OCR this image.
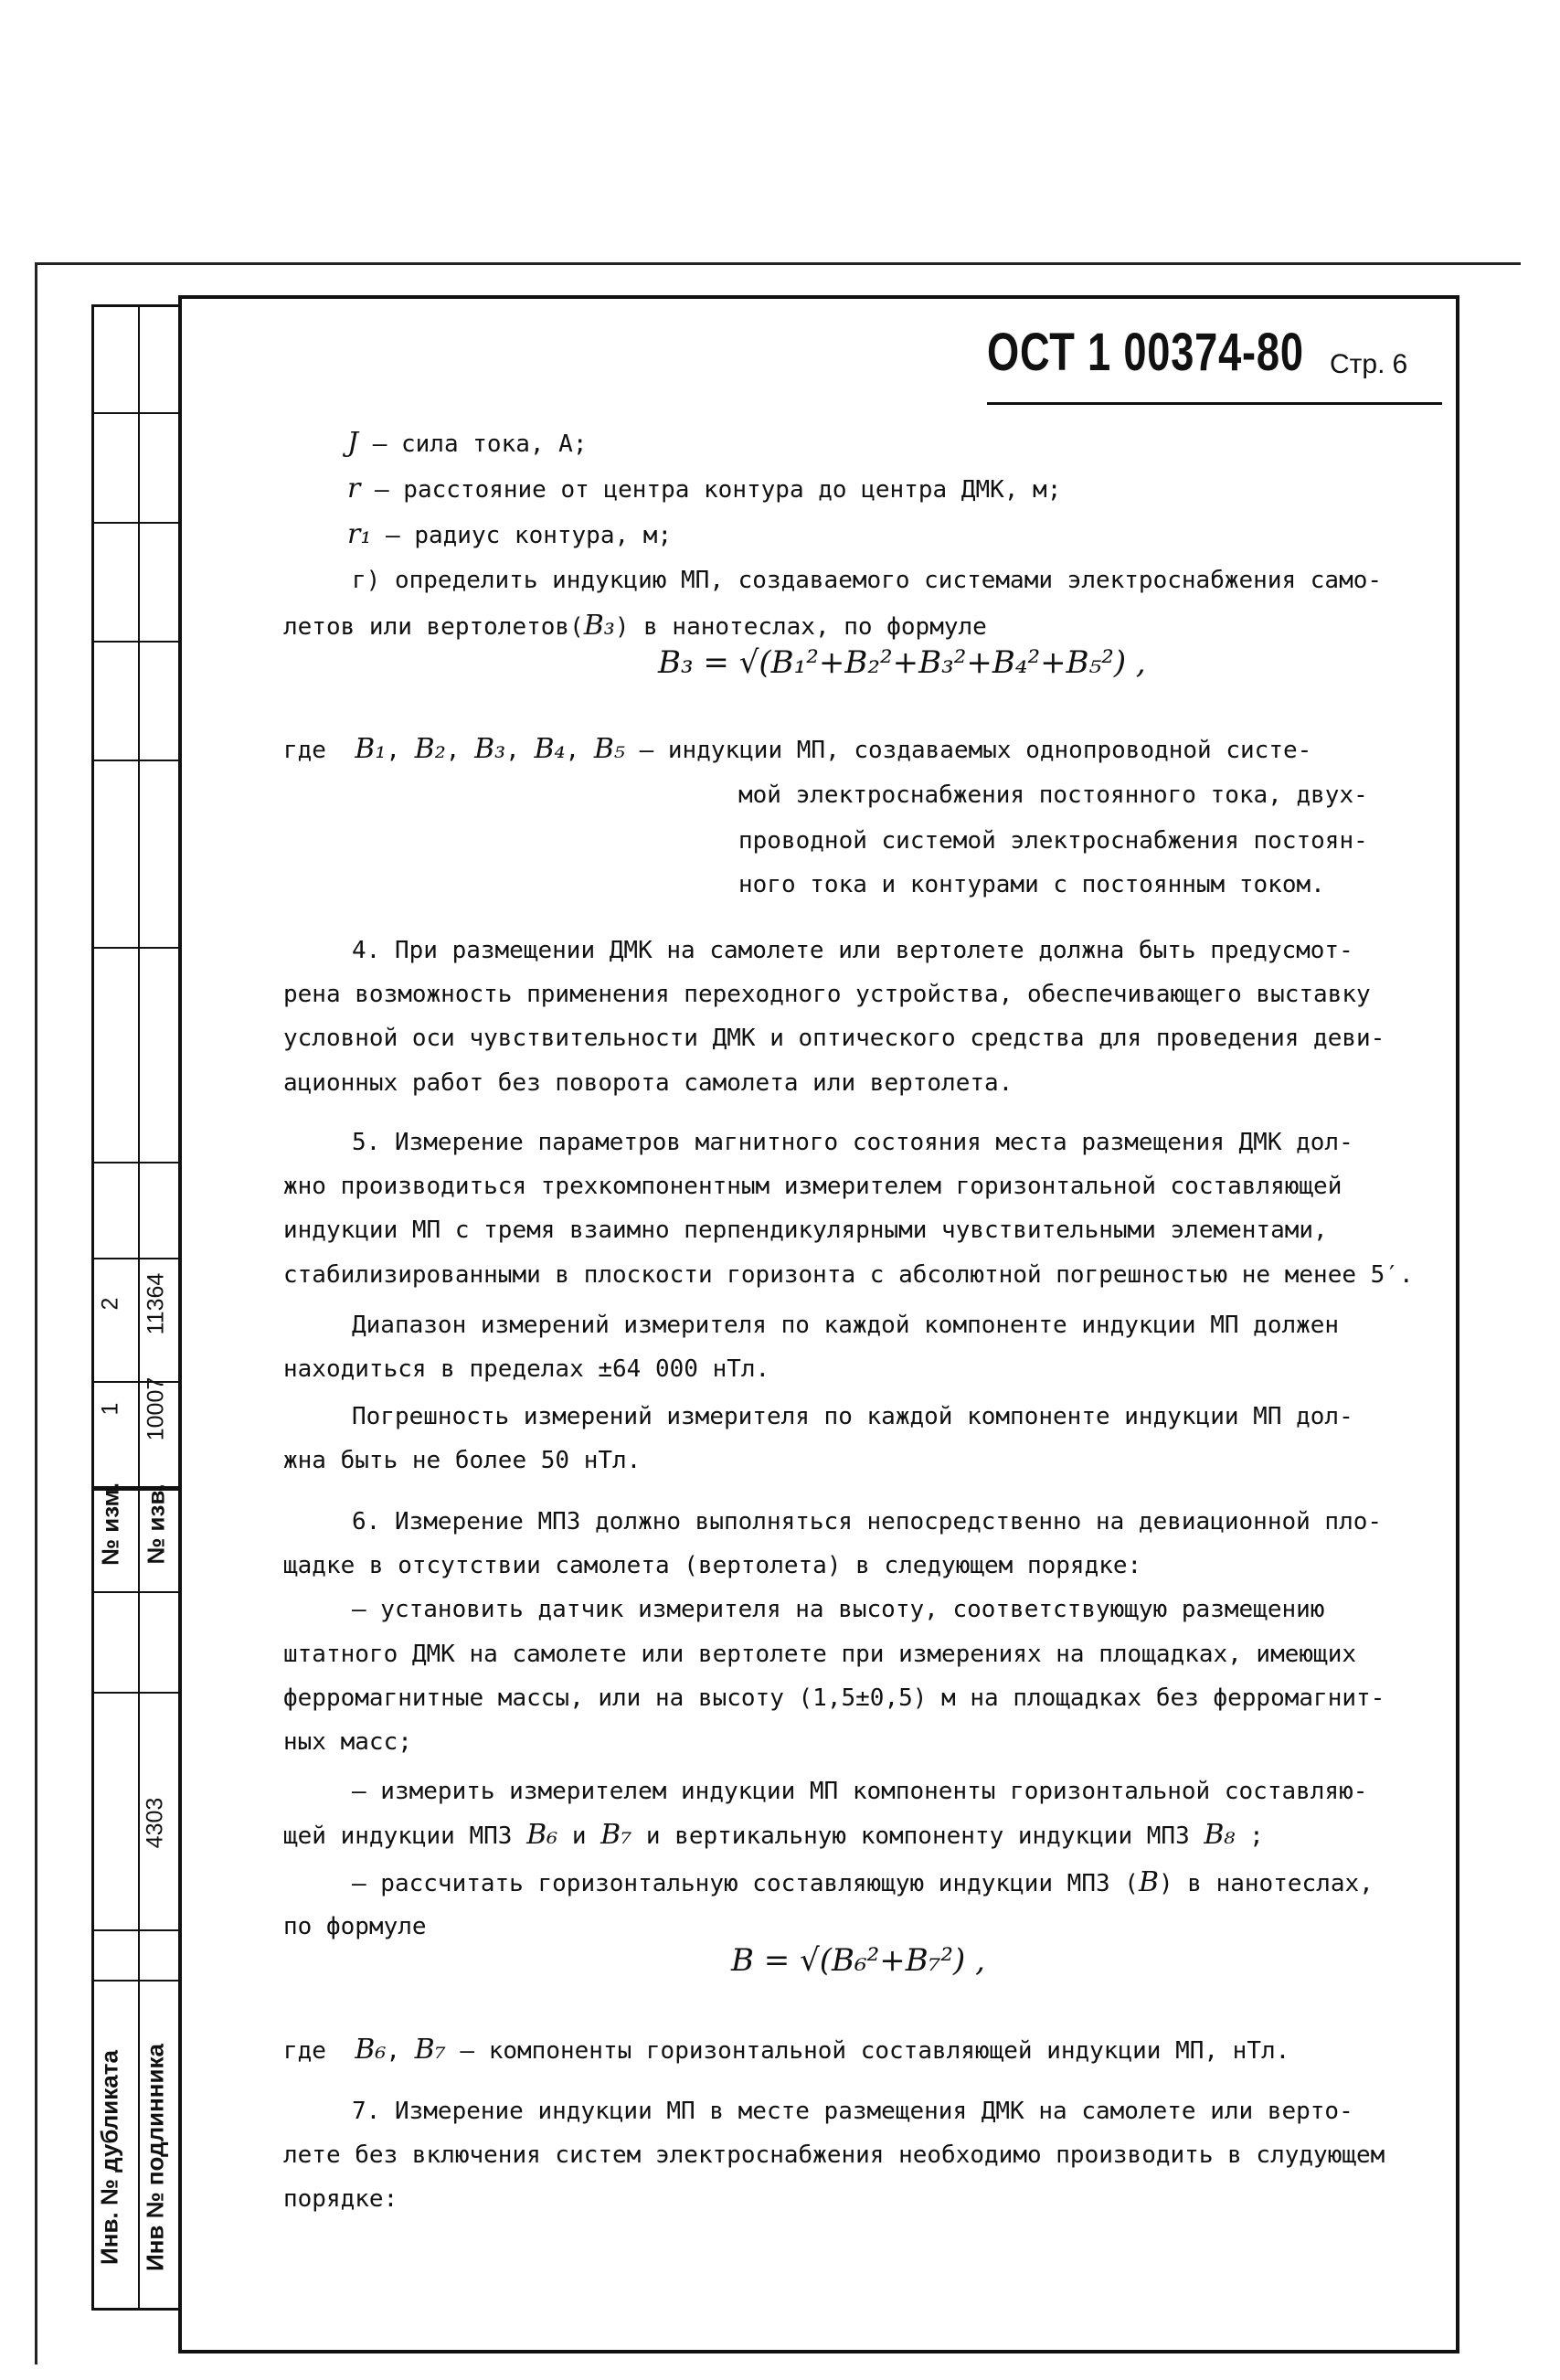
2
1
№ изм.
11364
10007
№ изв.
Инв. № дубликата Инв № подлинника
4303
ОСТ 1 00374-80 Стр. 6
J – сила тока, А;
r – расстояние от центра контура до центра ДМК, м;
r₁ – радиус контура, м;
г) определить индукцию МП, создаваемого системами электроснабжения само-
летов или вертолетов(B₃) в нанотеслах, по формуле
B₃ = √(B₁²+B₂²+B₃²+B₄²+B₅²) ,
где B₁, B₂, B₃, B₄, B₅ – индукции МП, создаваемых однопроводной систе-
мой электроснабжения постоянного тока, двух-
проводной системой электроснабжения постоян-
ного тока и контурами с постоянным током.
4. При размещении ДМК на самолете или вертолете должна быть предусмот-
рена возможность применения переходного устройства, обеспечивающего выставку
условной оси чувствительности ДМК и оптического средства для проведения деви-
ационных работ без поворота самолета или вертолета.
5. Измерение параметров магнитного состояния места размещения ДМК дол-
жно производиться трехкомпонентным измерителем горизонтальной составляющей
индукции МП с тремя взаимно перпендикулярными чувствительными элементами,
стабилизированными в плоскости горизонта с абсолютной погрешностью не менее 5′.
Диапазон измерений измерителя по каждой компоненте индукции МП должен
находиться в пределах ±64 000 нТл.
Погрешность измерений измерителя по каждой компоненте индукции МП дол-
жна быть не более 50 нТл.
6. Измерение МПЗ должно выполняться непосредственно на девиационной пло-
щадке в отсутствии самолета (вертолета) в следующем порядке:
– установить датчик измерителя на высоту, соответствующую размещению
штатного ДМК на самолете или вертолете при измерениях на площадках, имеющих
ферромагнитные массы, или на высоту (1,5±0,5) м на площадках без ферромагнит-
ных масс;
– измерить измерителем индукции МП компоненты горизонтальной составляю-
щей индукции МПЗ B₆ и B₇ и вертикальную компоненту индукции МПЗ B₈ ;
– рассчитать горизонтальную составляющую индукции МПЗ (B) в нанотеслах,
по формуле
B = √(B₆²+B₇²) ,
где B₆, B₇ – компоненты горизонтальной составляющей индукции МП, нТл.
7. Измерение индукции МП в месте размещения ДМК на самолете или верто-
лете без включения систем электроснабжения необходимо производить в слудующем
порядке:
